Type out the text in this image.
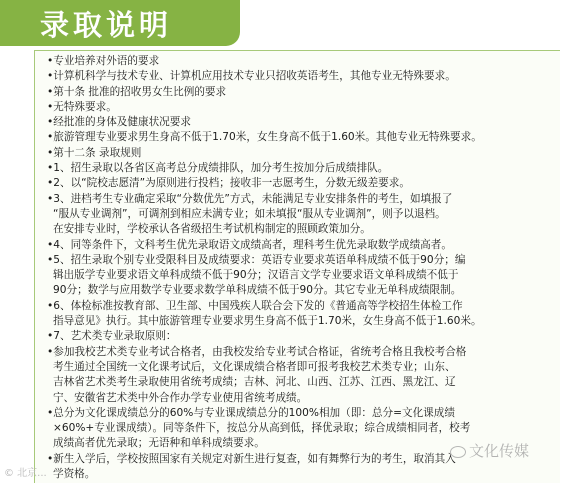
录取说明
•专业培养对外语的要求
•计算机科学与技术专业、计算机应用技术专业只招收英语考生，其他专业无特殊要求。
•第十条 批准的招收男女生比例的要求
•无特殊要求。
•经批准的身体及健康状况要求
•旅游管理专业要求男生身高不低于1.70米，女生身高不低于1.60米。其他专业无特殊要求。
•第十二条 录取规则
•1、招生录取以各省区高考总分成绩排队，加分考生按加分后成绩排队。
•2、以“院校志愿清”为原则进行投档；接收非一志愿考生，分数无级差要求。
•3、进档考生专业确定采取“分数优先”方式，未能满足专业安排条件的考生，如填报了
“服从专业调剂”，可调剂到相应未满专业；如未填报“服从专业调剂”，则予以退档。
在安排专业时，学校承认各省级招生考试机构制定的照顾政策加分。
•4、同等条件下，文科考生优先录取语文成绩高者，理科考生优先录取数学成绩高者。
•5、招生录取个别专业受限科目及成绩要求：英语专业要求英语单科成绩不低于90分；编
辑出版学专业要求语文单科成绩不低于90分；汉语言文学专业要求语文单科成绩不低于
90分；数学与应用数学专业要求数学单科成绩不低于90分。其它专业无单科成绩限制。
•6、体检标准按教育部、卫生部、中国残疾人联合会下发的《普通高等学校招生体检工作
指导意见》执行。其中旅游管理专业要求男生身高不低于1.70米，女生身高不低于1.60米。
•7、艺术类专业录取原则：
•参加我校艺术类专业考试合格者，由我校发给专业考试合格证，省统考合格且我校考合格
考生通过全国统一文化课考试后，文化课成绩合格者即可报考我校艺术类专业；山东、
吉林省艺术类考生录取使用省统考成绩；吉林、河北、山西、江苏、江西、黑龙江、辽
宁、安徽省艺术类中外合作办学专业使用省统考成绩。
•总分为文化课成绩总分的60%与专业课成绩总分的100%相加（即：总分=文化课成绩
×60%+专业课成绩）。同等条件下，按总分从高到低，择优录取；综合成绩相同者，校考
成绩高者优先录取；无语种和单科成绩要求。
•新生入学后，学校按照国家有关规定对新生进行复查，如有舞弊行为的考生，取消其入
学资格。
© 北京...
文化传媒
